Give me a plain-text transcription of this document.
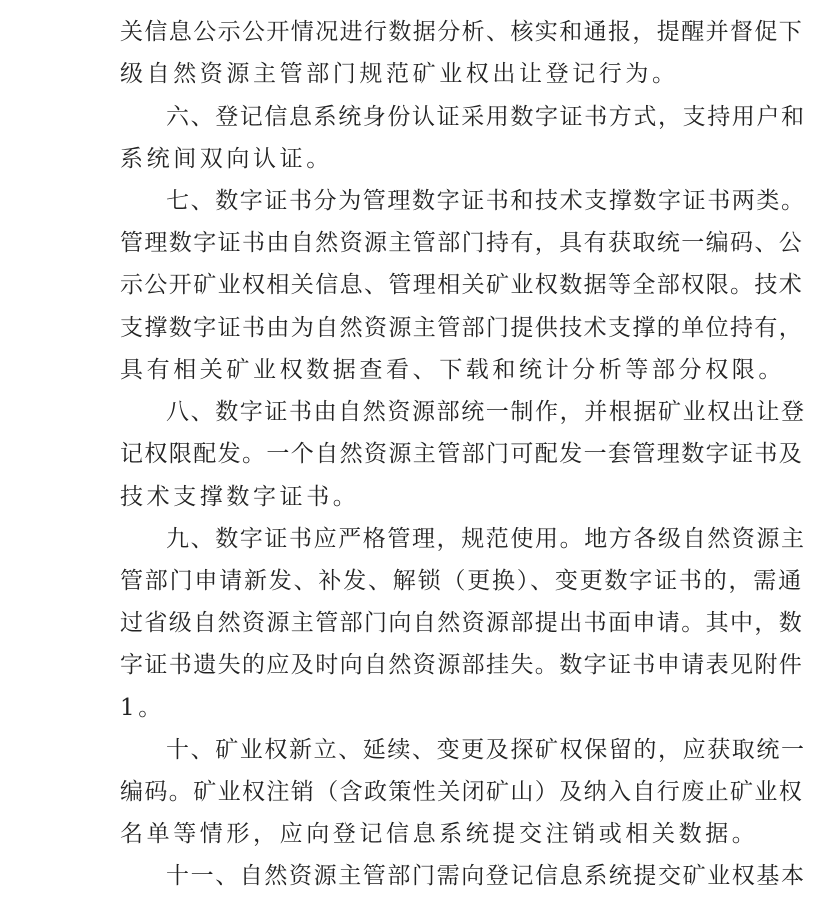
关信息公示公开情况进行数据分析、核实和通报，提醒并督促下
级自然资源主管部门规范矿业权出让登记行为。
六、登记信息系统身份认证采用数字证书方式，支持用户和
系统间双向认证。
七、数字证书分为管理数字证书和技术支撑数字证书两类。
管理数字证书由自然资源主管部门持有，具有获取统一编码、公
示公开矿业权相关信息、管理相关矿业权数据等全部权限。技术
支撑数字证书由为自然资源主管部门提供技术支撑的单位持有，
具有相关矿业权数据查看、下载和统计分析等部分权限。
八、数字证书由自然资源部统一制作，并根据矿业权出让登
记权限配发。一个自然资源主管部门可配发一套管理数字证书及
技术支撑数字证书。
九、数字证书应严格管理，规范使用。地方各级自然资源主
管部门申请新发、补发、解锁（更换）、变更数字证书的，需通
过省级自然资源主管部门向自然资源部提出书面申请。其中，数
字证书遗失的应及时向自然资源部挂失。数字证书申请表见附件
1。
十、矿业权新立、延续、变更及探矿权保留的，应获取统一
编码。矿业权注销（含政策性关闭矿山）及纳入自行废止矿业权
名单等情形，应向登记信息系统提交注销或相关数据。
十一、自然资源主管部门需向登记信息系统提交矿业权基本
